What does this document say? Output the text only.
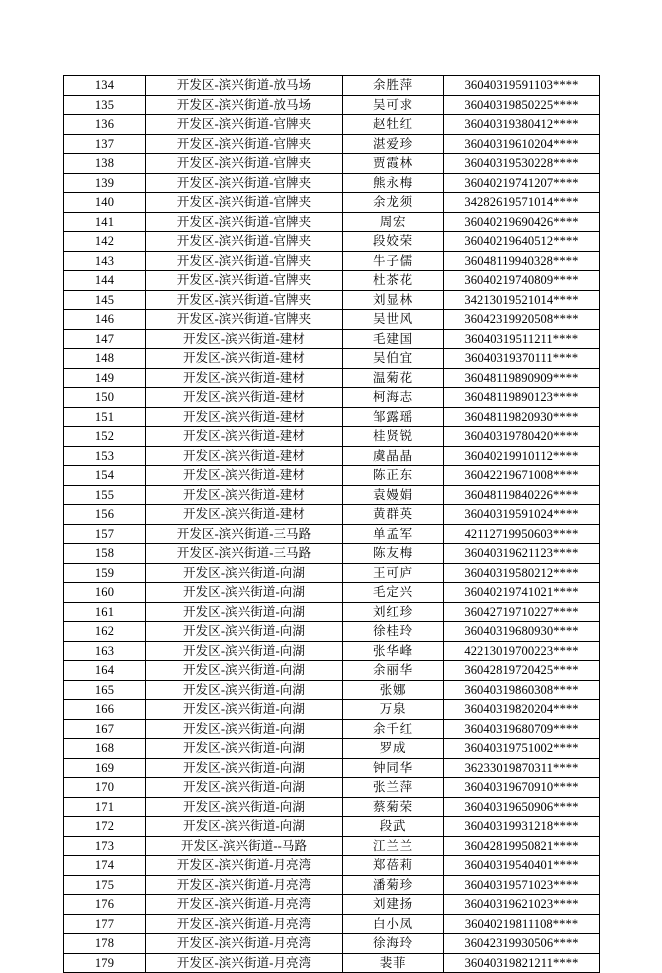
134	开发区-滨兴街道-放马场	余胜萍	36040319591103****
135	开发区-滨兴街道-放马场	吴可求	36040319850225****
136	开发区-滨兴街道-官牌夹	赵牡红	36040319380412****
137	开发区-滨兴街道-官牌夹	湛爱珍	36040319610204****
138	开发区-滨兴街道-官牌夹	贾霞林	36040319530228****
139	开发区-滨兴街道-官牌夹	熊永梅	36040219741207****
140	开发区-滨兴街道-官牌夹	余龙须	34282619571014****
141	开发区-滨兴街道-官牌夹	周宏	36040219690426****
142	开发区-滨兴街道-官牌夹	段姣荣	36040219640512****
143	开发区-滨兴街道-官牌夹	牛子儒	36048119940328****
144	开发区-滨兴街道-官牌夹	杜茶花	36040219740809****
145	开发区-滨兴街道-官牌夹	刘显林	34213019521014****
146	开发区-滨兴街道-官牌夹	吴世风	36042319920508****
147	开发区-滨兴街道-建材	毛建国	36040319511211****
148	开发区-滨兴街道-建材	吴伯宜	36040319370111****
149	开发区-滨兴街道-建材	温菊花	36048119890909****
150	开发区-滨兴街道-建材	柯海志	36048119890123****
151	开发区-滨兴街道-建材	邹露瑶	36048119820930****
152	开发区-滨兴街道-建材	桂贤锐	36040319780420****
153	开发区-滨兴街道-建材	虞晶晶	36040219910112****
154	开发区-滨兴街道-建材	陈正东	36042219671008****
155	开发区-滨兴街道-建材	袁嫚娟	36048119840226****
156	开发区-滨兴街道-建材	黄群英	36040319591024****
157	开发区-滨兴街道-三马路	单孟军	42112719950603****
158	开发区-滨兴街道-三马路	陈友梅	36040319621123****
159	开发区-滨兴街道-向湖	王可庐	36040319580212****
160	开发区-滨兴街道-向湖	毛定兴	36040219741021****
161	开发区-滨兴街道-向湖	刘红珍	36042719710227****
162	开发区-滨兴街道-向湖	徐桂玲	36040319680930****
163	开发区-滨兴街道-向湖	张华峰	42213019700223****
164	开发区-滨兴街道-向湖	余丽华	36042819720425****
165	开发区-滨兴街道-向湖	张娜	36040319860308****
166	开发区-滨兴街道-向湖	万泉	36040319820204****
167	开发区-滨兴街道-向湖	余千红	36040319680709****
168	开发区-滨兴街道-向湖	罗成	36040319751002****
169	开发区-滨兴街道-向湖	钟同华	36233019870311****
170	开发区-滨兴街道-向湖	张兰萍	36040319670910****
171	开发区-滨兴街道-向湖	蔡菊荣	36040319650906****
172	开发区-滨兴街道-向湖	段武	36040319931218****
173	开发区-滨兴街道--马路	江兰兰	36042819950821****
174	开发区-滨兴街道-月亮湾	郑蓓莉	36040319540401****
175	开发区-滨兴街道-月亮湾	潘菊珍	36040319571023****
176	开发区-滨兴街道-月亮湾	刘建扬	36040319621023****
177	开发区-滨兴街道-月亮湾	白小凤	36040219811108****
178	开发区-滨兴街道-月亮湾	徐海玲	36042319930506****
179	开发区-滨兴街道-月亮湾	裴菲	36040319821211****
